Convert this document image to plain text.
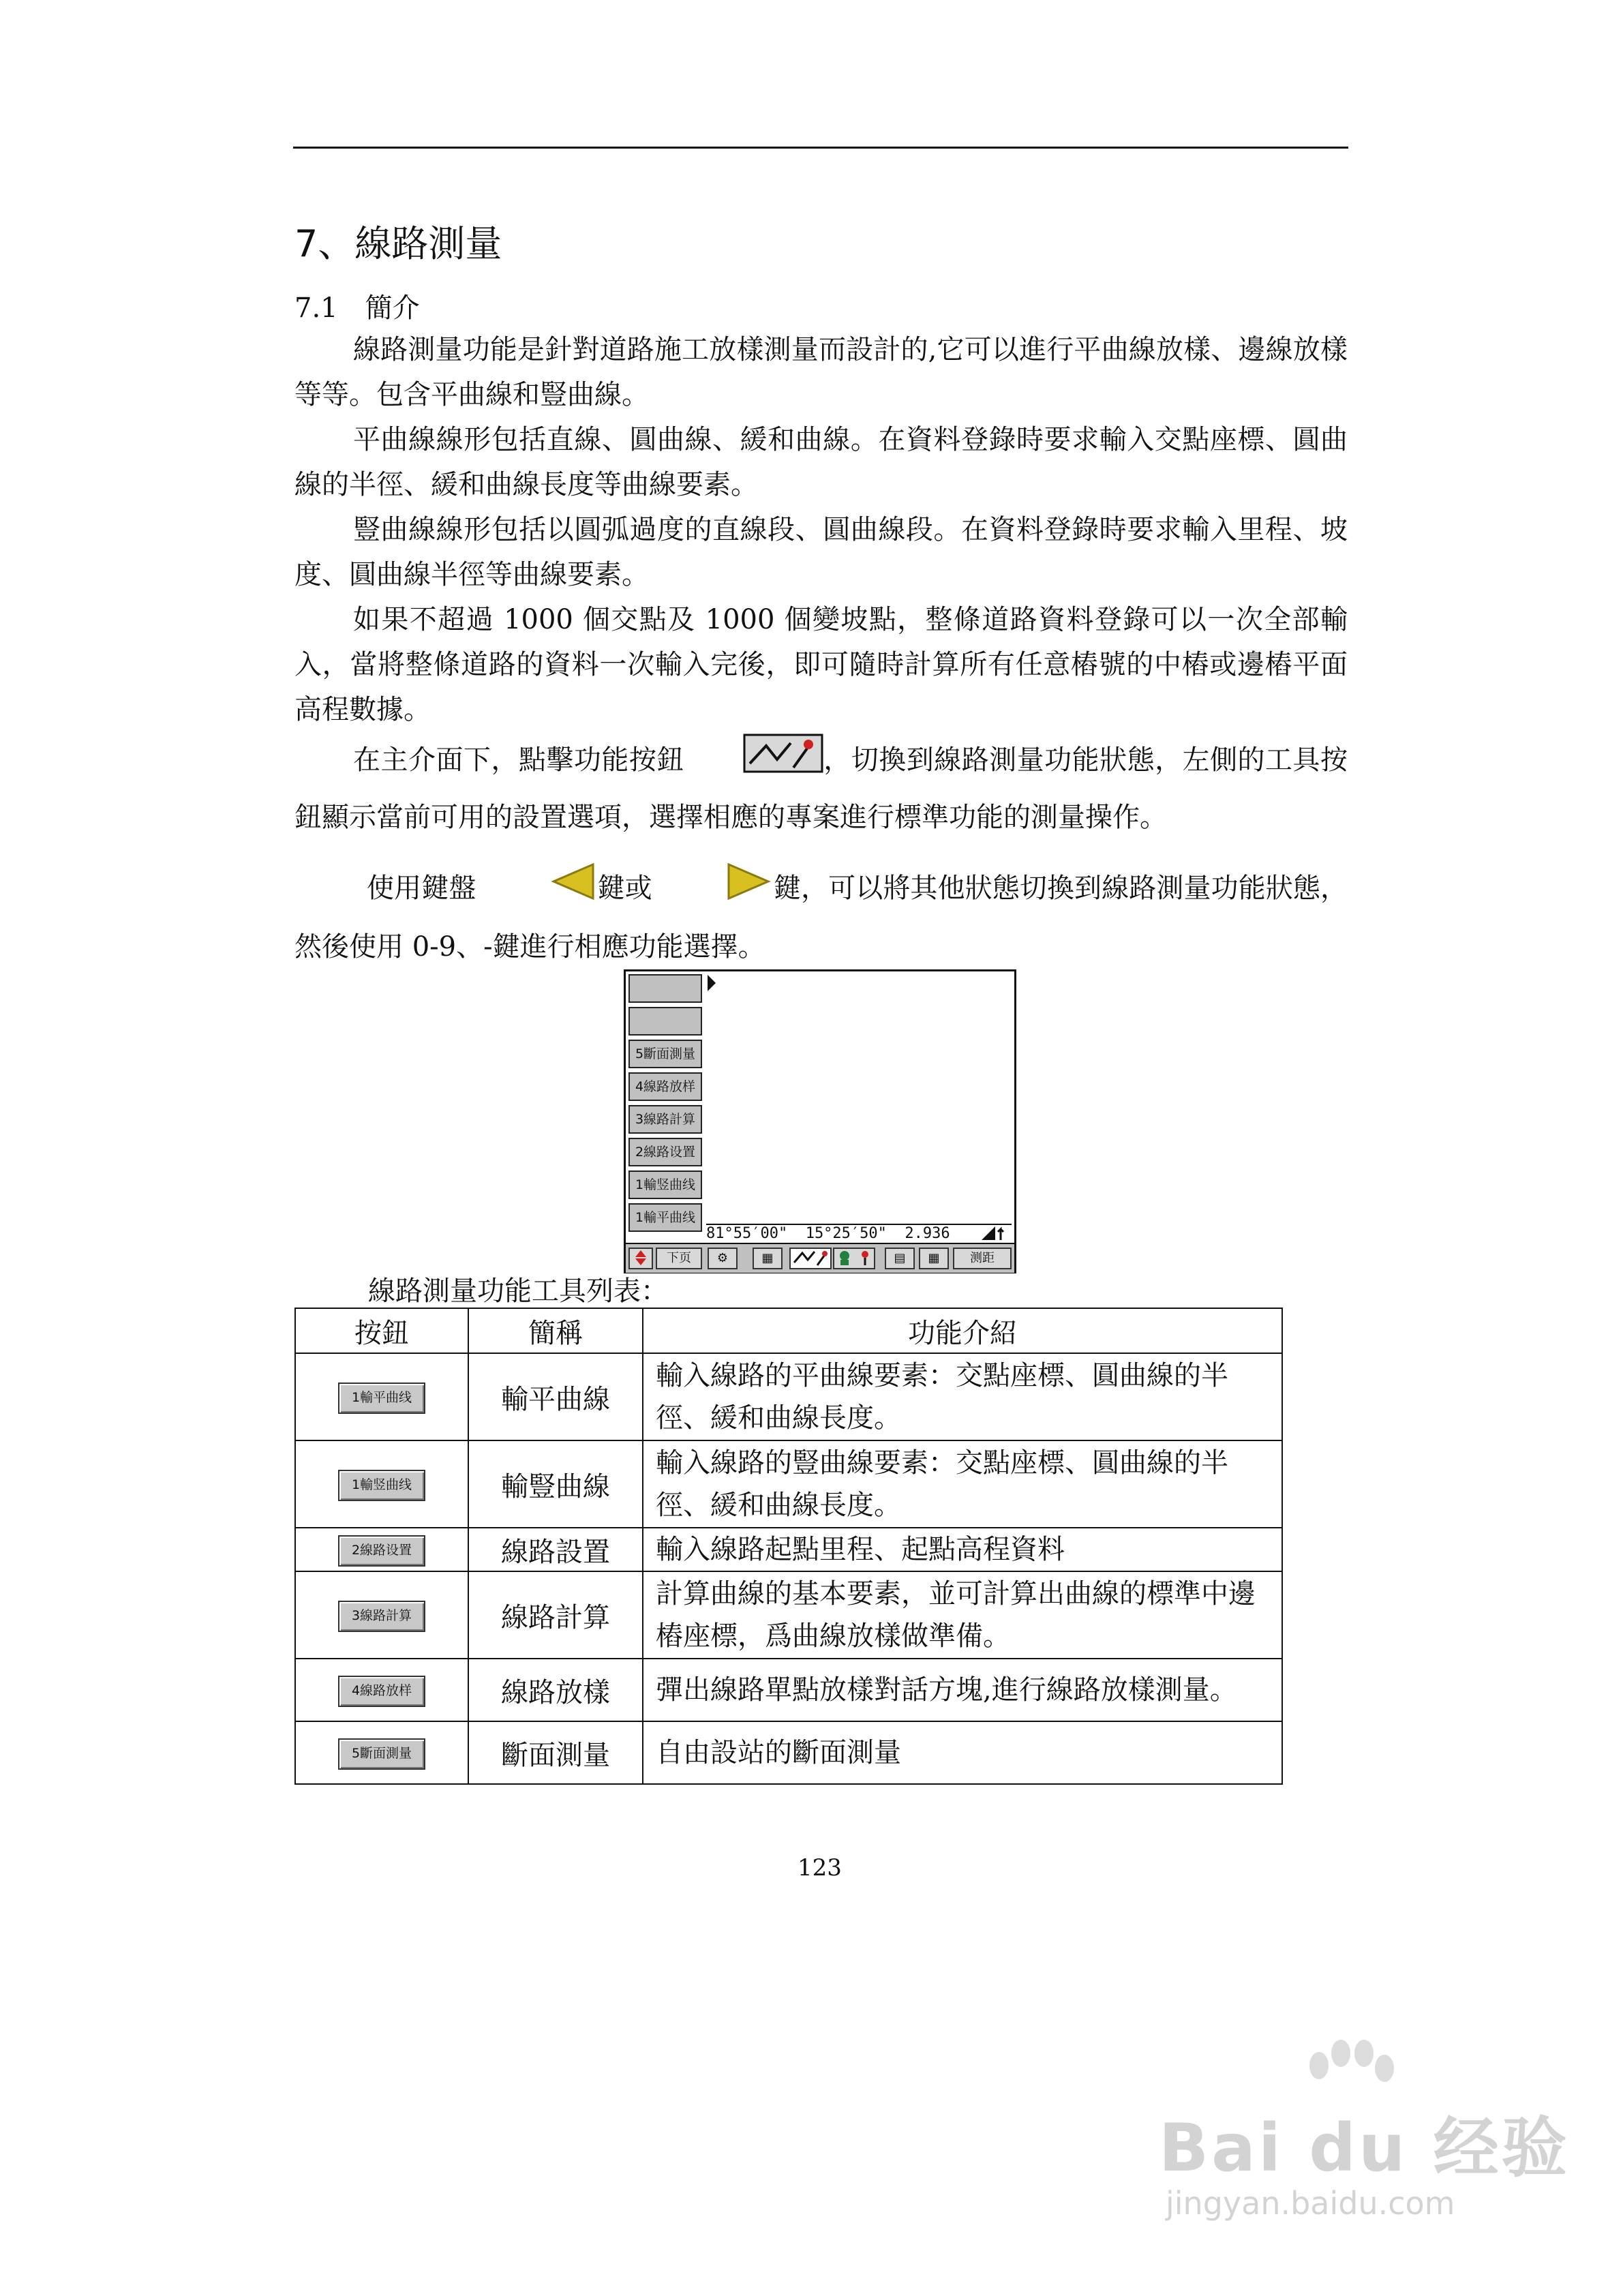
7、線路測量
7.1　簡介

線路測量功能是針對道路施工放樣測量而設計的,它可以進行平曲線放樣、邊線放樣等等。包含平曲線和豎曲線。

平曲線線形包括直線、圓曲線、緩和曲線。在資料登錄時要求輸入交點座標、圓曲線的半徑、緩和曲線長度等曲線要素。

豎曲線線形包括以圓弧過度的直線段、圓曲線段。在資料登錄時要求輸入里程、坡度、圓曲線半徑等曲線要素。

如果不超過 1000 個交點及 1000 個變坡點，整條道路資料登錄可以一次全部輸入，當將整條道路的資料一次輸入完後，即可隨時計算所有任意樁號的中樁或邊樁平面高程數據。

在主介面下，點擊功能按鈕	，切換到線路測量功能狀態，左側的工具按鈕顯示當前可用的設置選項，選擇相應的專案進行標準功能的測量操作。

使用鍵盤	鍵或	鍵，可以將其他狀態切換到線路測量功能狀態，然後使用 0-9、-鍵進行相應功能選擇。

5斷面測量
4線路放样
3線路計算
2線路设置
1輸竖曲线
1輸平曲线
81°55′00"  15°25′50"  2.936
下页	⚙	▦	▤	▦	测距
線路測量功能工具列表：
按鈕	簡稱	功能介紹
1輸平曲线	輸平曲線	輸入線路的平曲線要素：交點座標、圓曲線的半徑、緩和曲線長度。
1輸竖曲线	輸豎曲線	輸入線路的豎曲線要素：交點座標、圓曲線的半徑、緩和曲線長度。
2線路设置	線路設置	輸入線路起點里程、起點高程資料
3線路計算	線路計算	計算曲線的基本要素，並可計算出曲線的標準中邊樁座標，爲曲線放樣做準備。
4線路放样	線路放樣	彈出線路單點放樣對話方塊,進行線路放樣測量。
5斷面測量	斷面測量	自由設站的斷面測量
123
Bai du 经验
jingyan.baidu.com
